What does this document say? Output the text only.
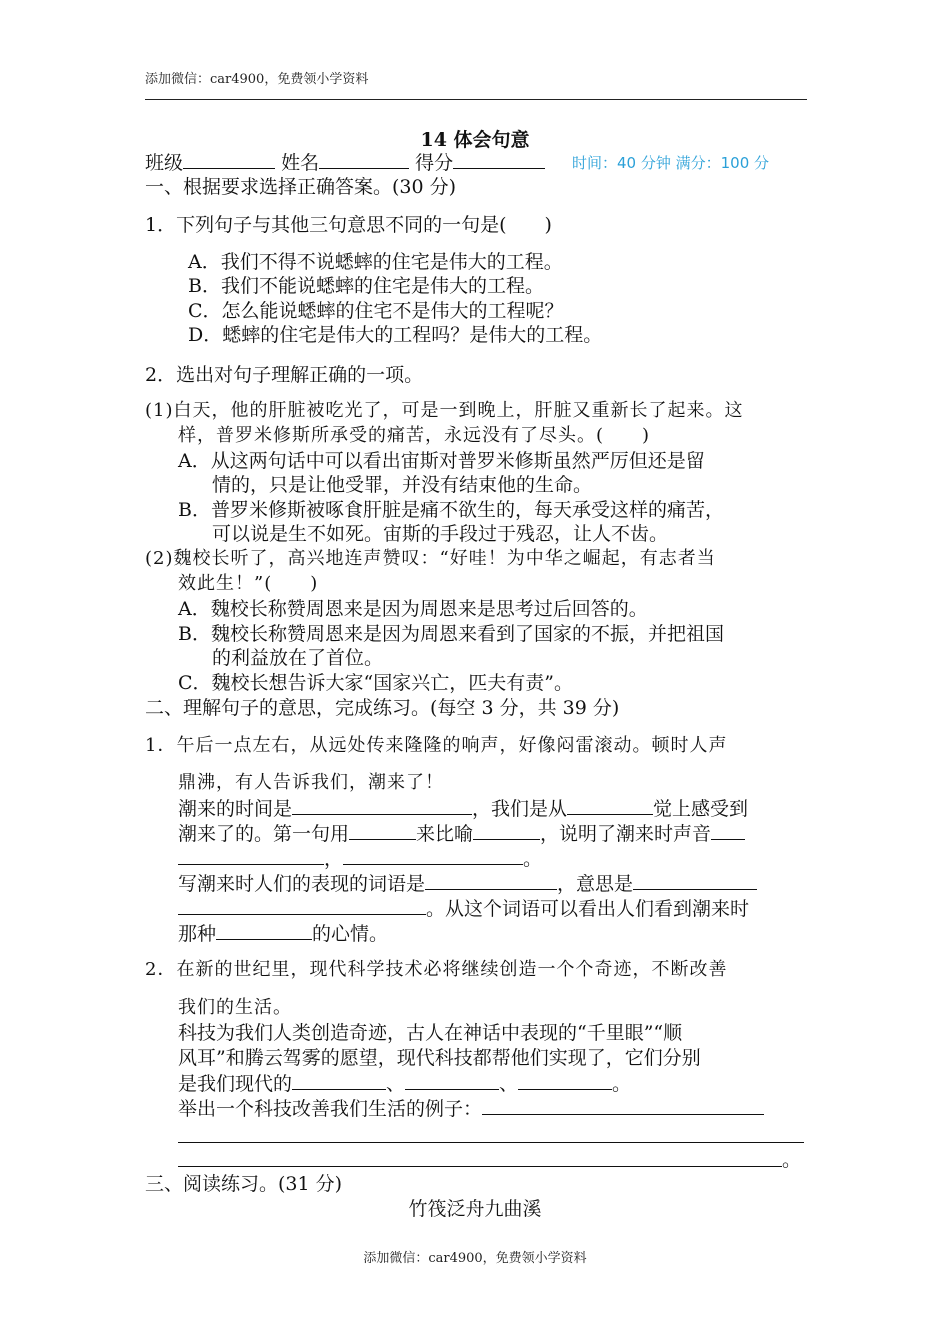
添加微信：car4900，免费领小学资料
14 体会句意
班级	姓名	得分	时间：40 分钟 满分：100 分
一、根据要求选择正确答案。(30 分)
1．下列句子与其他三句意思不同的一句是(　　)
A．我们不得不说蟋蟀的住宅是伟大的工程。
B．我们不能说蟋蟀的住宅是伟大的工程。
C．怎么能说蟋蟀的住宅不是伟大的工程呢？
D．蟋蟀的住宅是伟大的工程吗？是伟大的工程。
2．选出对句子理解正确的一项。
(1)白天，他的肝脏被吃光了，可是一到晚上，肝脏又重新长了起来。这
样，普罗米修斯所承受的痛苦，永远没有了尽头。(　　)
A．从这两句话中可以看出宙斯对普罗米修斯虽然严厉但还是留
情的，只是让他受罪，并没有结束他的生命。
B．普罗米修斯被啄食肝脏是痛不欲生的，每天承受这样的痛苦，
可以说是生不如死。宙斯的手段过于残忍，让人不齿。
(2)魏校长听了，高兴地连声赞叹：“好哇！为中华之崛起，有志者当
效此生！”(　　)
A．魏校长称赞周恩来是因为周恩来是思考过后回答的。
B．魏校长称赞周恩来是因为周恩来看到了国家的不振，并把祖国
的利益放在了首位。
C．魏校长想告诉大家“国家兴亡，匹夫有责”。
二、理解句子的意思，完成练习。(每空 3 分，共 39 分)
1．午后一点左右，从远处传来隆隆的响声，好像闷雷滚动。顿时人声
鼎沸，有人告诉我们，潮来了！
潮来的时间是	，我们是从	觉上感受到
潮来了的。第一句用	来比喻	，说明了潮来时声音
，	。
写潮来时人们的表现的词语是	，意思是
。从这个词语可以看出人们看到潮来时
那种	的心情。
2．在新的世纪里，现代科学技术必将继续创造一个个奇迹，不断改善
我们的生活。
科技为我们人类创造奇迹，古人在神话中表现的“千里眼”“顺
风耳”和腾云驾雾的愿望，现代科技都帮他们实现了，它们分别
是我们现代的	、	、	。
举出一个科技改善我们生活的例子：
。
三、阅读练习。(31 分)
竹筏泛舟九曲溪
添加微信：car4900，免费领小学资料
